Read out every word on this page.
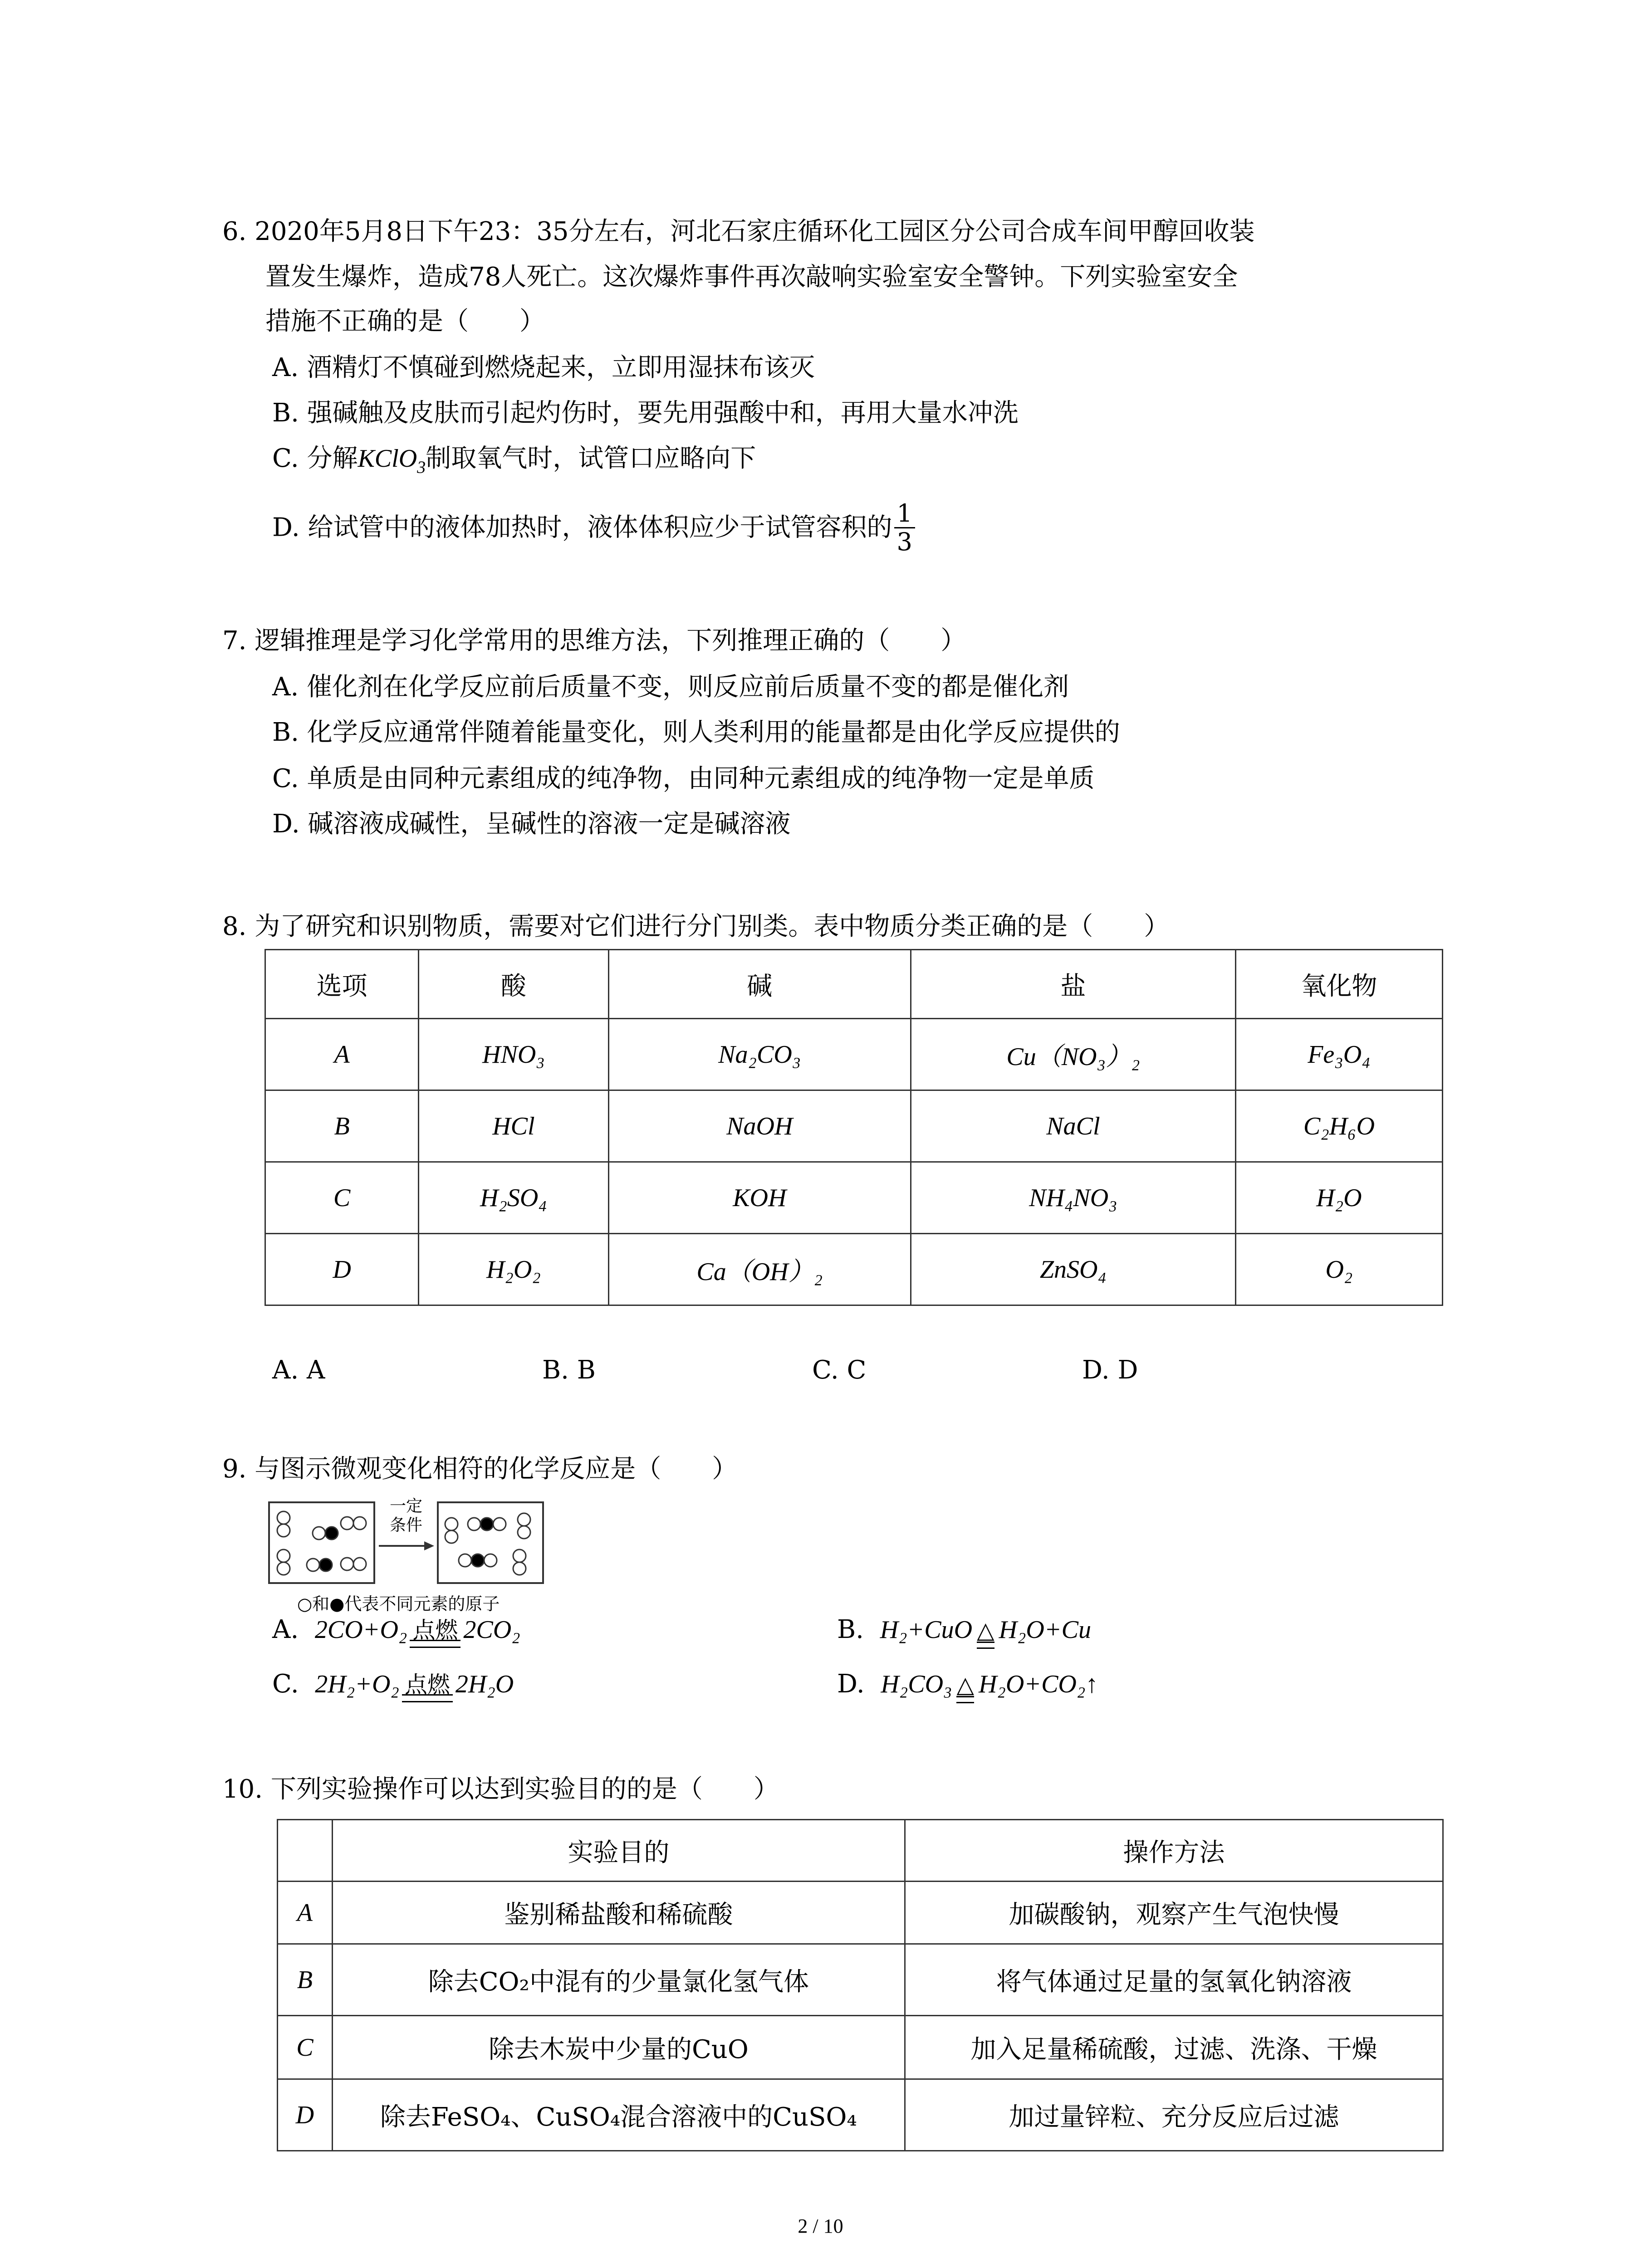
6. 2020年5月8日下午23：35分左右，河北石家庄循环化工园区分公司合成车间甲醇回收装
置发生爆炸，造成78人死亡。这次爆炸事件再次敲响实验室安全警钟。下列实验室安全
措施不正确的是（　　）
A. 酒精灯不慎碰到燃烧起来，立即用湿抹布该灭
B. 强碱触及皮肤而引起灼伤时，要先用强酸中和，再用大量水冲洗
C. 分解KClO$_3$制取氧气时，试管口应略向下
D. 给试管中的液体加热时，液体体积应少于试管容积的 $\frac{1}{3}$
7. 逻辑推理是学习化学常用的思维方法，下列推理正确的（　　）
A. 催化剂在化学反应前后质量不变，则反应前后质量不变的都是催化剂
B. 化学反应通常伴随着能量变化，则人类利用的能量都是由化学反应提供的
C. 单质是由同种元素组成的纯净物，由同种元素组成的纯净物一定是单质
D. 碱溶液成碱性，呈碱性的溶液一定是碱溶液
8. 为了研究和识别物质，需要对它们进行分门别类。表中物质分类正确的是（　　）
选项	酸	碱	盐	氧化物
A	HNO₃	Na₂CO₃	Cu（NO₃）₂	Fe₃O₄
B	HCl	NaOH	NaCl	C₂H₆O
C	H₂SO₄	KOH	NH₄NO₃	H₂O
D	H₂O₂	Ca（OH）₂	ZnSO₄	O₂
A. A	B. B	C. C	D. D
9. 与图示微观变化相符的化学反应是（　　）
一定
条件
○和●代表不同元素的原子
A. 2CO+O₂ 点燃 2CO₂	B. H₂+CuO △ H₂O+Cu
C. 2H₂+O₂ 点燃 2H₂O	D. H₂CO₃ △ H₂O+CO₂↑
10. 下列实验操作可以达到实验目的的是（　　）
	实验目的	操作方法
A	鉴别稀盐酸和稀硫酸	加碳酸钠，观察产生气泡快慢
B	除去CO₂中混有的少量氯化氢气体	将气体通过足量的氢氧化钠溶液
C	除去木炭中少量的CuO	加入足量稀硫酸，过滤、洗涤、干燥
D	除去FeSO₄、CuSO₄混合溶液中的CuSO₄	加过量锌粒、充分反应后过滤
2 / 10
